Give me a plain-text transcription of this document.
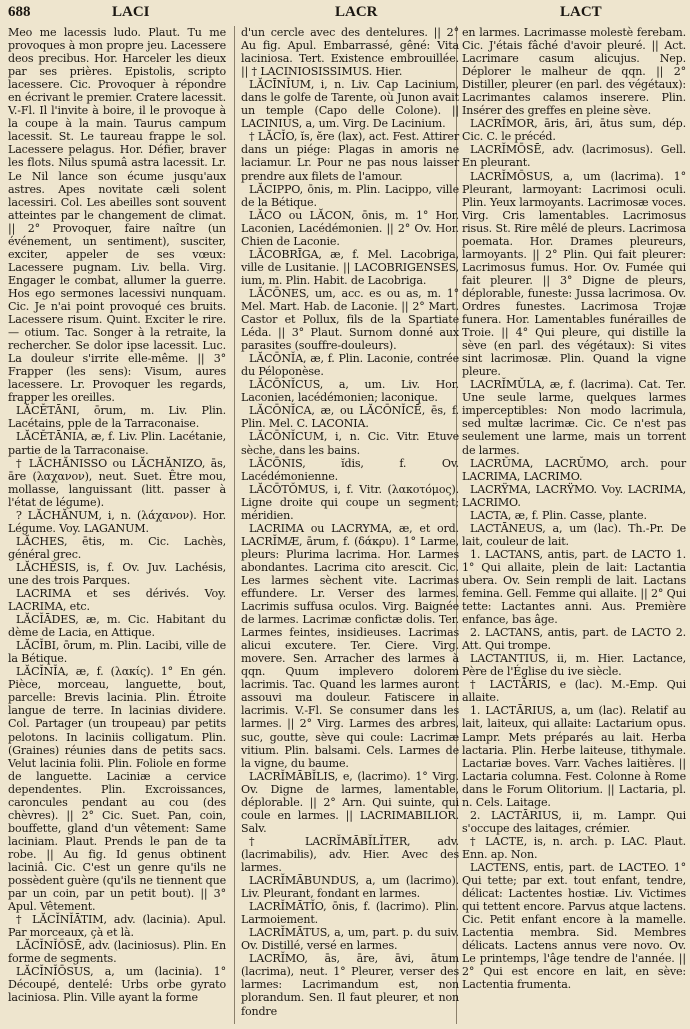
688	LACI	LACR	LACT

Meo me lacessis ludo. Plaut. Tu me provoques à mon propre jeu. Lacessere deos precibus. Hor. Harceler les dieux par ses prières. Epistolis, scripto lacessere. Cic. Provoquer à répondre en écrivant le premier. Cratere lacessit. V.-Fl. Il l'invite à boire, il le provoque à la coupe à la main. Taurus campum lacessit. St. Le taureau frappe le sol. Lacessere pelagus. Hor. Défier, braver les flots. Nilus spumâ astra lacessit. Lr. Le Nil lance son écume jusqu'aux astres. Apes novitate cæli solent lacessiri. Col. Les abeilles sont souvent atteintes par le changement de climat. || 2° Provoquer, faire naître (un événement, un sentiment), susciter, exciter, appeler de ses vœux: Lacessere pugnam. Liv. bella. Virg. Engager le combat, allumer la guerre. Hos ego sermones lacessivi nunquam. Cic. Je n'ai point provoqué ces bruits. Lacessere risum. Quint. Exciter le rire. — otium. Tac. Songer à la retraite, la rechercher. Se dolor ipse lacessit. Luc. La douleur s'irrite elle-même. || 3° Frapper (les sens): Visum, aures lacessere. Lr. Provoquer les regards, frapper les oreilles.

LĂCĔTĀNI, ōrum, m. Liv. Plin. Lacétains, pple de la Tarraconaise.

LĂCĔTĀNIA, æ, f. Liv. Plin. Lacétanie, partie de la Tarraconaise.

† LĂCHĂNISSO ou LĂCHĂNIZO, ās, āre (λαχανον), neut. Suet. Être mou, mollasse, languissant (litt. passer à l'état de légume).

? LĂCHĂNUM, i, n. (λάχανον). Hor. Légume. Voy. LAGANUM.

LĂCHES, ētis, m. Cic. Lachès, général grec.

LĂCHĔSIS, is, f. Ov. Juv. Lachésis, une des trois Parques.

LACRIMA et ses dérivés. Voy. LACRIMA, etc.

LĂCĬĀDES, æ, m. Cic. Habitant du dème de Lacia, en Attique.

LĂCĬBI, ōrum, m. Plin. Lacibi, ville de la Bétique.

LĂCĬNĬA, æ, f. (λακίς). 1° En gén. Pièce, morceau, languette, bout, parcelle: Brevis lacinia. Plin. Étroite langue de terre. In lacinias dividere. Col. Partager (un troupeau) par petits pelotons. In laciniis colligatum. Plin. (Graines) réunies dans de petits sacs. Velut lacinia folii. Plin. Foliole en forme de languette. Laciniæ a cervice dependentes. Plin. Excroissances, caroncules pendant au cou (des chèvres). || 2° Cic. Suet. Pan, coin, bouffette, gland d'un vêtement: Same laciniam. Plaut. Prends le pan de ta robe. || Au fig. Id genus obtinent laciniâ. Cic. C'est un genre qu'ils ne possèdent guère (qu'ils ne tiennent que par un coin, par un petit bout). || 3° Apul. Vêtement.

† LĂCĬNĬĀTIM, adv. (lacinia). Apul. Par morceaux, çà et là.

LĂCĬNĬŌSĒ, adv. (laciniosus). Plin. En forme de segments.

LĂCĬNĬŌSUS, a, um (lacinia). 1° Découpé, dentelé: Urbs orbe gyrato laciniosa. Plin. Ville ayant la forme

d'un cercle avec des dentelures. || 2° Au fig. Apul. Embarrassé, gêné: Vita laciniosa. Tert. Existence embrouillée. || † LACINIOSISSIMUS. Hier.

LĂCĪNĬUM, i, n. Liv. Cap Lacinium, dans le golfe de Tarente, où Junon avait un temple (Capo delle Colone). || LACINIUS, a, um. Virg. De Lacinium.

† LĂCĬO, ĭs, ĕre (lax), act. Fest. Attirer dans un piége: Plagas in amoris ne laciamur. Lr. Pour ne pas nous laisser prendre aux filets de l'amour.

LĂCIPPO, ōnis, m. Plin. Lacippo, ville de la Bétique.

LĂCO ou LĂCON, ōnis, m. 1° Hor. Laconien, Lacédémonien. || 2° Ov. Hor. Chien de Laconie.

LĂCOBRĪGA, æ, f. Mel. Lacobriga, ville de Lusitanie. || LACOBRIGENSES, ium, m. Plin. Habit. de Lacobriga.

LĂCŌNES, um, acc. es ou as, m. 1° Mel. Mart. Hab. de Laconie. || 2° Mart. Castor et Pollux, fils de la Spartiate Léda. || 3° Plaut. Surnom donné aux parasites (souffre-douleurs).

LĂCŌNĬA, æ, f. Plin. Laconie, contrée du Péloponèse.

LĂCŌNĬCUS, a, um. Liv. Hor. Laconien, lacédémonien; laconique.

LĂCŌNĬCA, æ, ou LĂCŌNĬCĒ, ēs, f. Plin. Mel. C. LACONIA.

LĂCŌNĬCUM, i, n. Cic. Vitr. Etuve sèche, dans les bains.

LĂCŌNIS, ĭdis, f. Ov. Lacédémonienne.

LĂCŌTŎMUS, i, f. Vitr. (λακοτόμος). Ligne droite qui coupe un segment; méridien.

LACRIMA ou LACRYMA, æ, et ord. LACRĬMÆ, ārum, f. (δάκρυ). 1° Larme, pleurs: Plurima lacrima. Hor. Larmes abondantes. Lacrima cito arescit. Cic. Les larmes sèchent vite. Lacrimas effundere. Lr. Verser des larmes. Lacrimis suffusa oculos. Virg. Baignée de larmes. Lacrimæ confictæ dolis. Ter. Larmes feintes, insidieuses. Lacrimas alicui excutere. Ter. Ciere. Virg. movere. Sen. Arracher des larmes à qqn. Quum implevero dolorem lacrimis. Tac. Quand les larmes auront assouvi ma douleur. Fatiscere in lacrimis. V.-Fl. Se consumer dans les larmes. || 2° Virg. Larmes des arbres, suc, goutte, sève qui coule: Lacrimæ vitium. Plin. balsami. Cels. Larmes de la vigne, du baume.

LACRĬMĀBĬLIS, e, (lacrimo). 1° Virg. Ov. Digne de larmes, lamentable, déplorable. || 2° Arn. Qui suinte, qui coule en larmes. || LACRIMABILIOR. Salv.

† LACRĬMĀBĬLĬTER, adv. (lacrimabilis), adv. Hier. Avec des larmes.

LACRĬMĀBUNDUS, a, um (lacrimo). Liv. Pleurant, fondant en larmes.

LACRĬMĀTĬO, ōnis, f. (lacrimo). Plin. Larmoiement.

LACRĬMĀTUS, a, um, part. p. du suiv. Ov. Distillé, versé en larmes.

LACRĬMO, ās, āre, āvi, ātum (lacrima), neut. 1° Pleurer, verser des larmes: Lacrimandum est, non plorandum. Sen. Il faut pleurer, et non fondre

en larmes. Lacrimasse molestè ferebam. Cic. J'étais fâché d'avoir pleuré. || Act. Lacrimare casum alicujus. Nep. Déplorer le malheur de qqn. || 2° Distiller, pleurer (en parl. des végétaux): Lacrimantes calamos inserere. Plin. Insérer des greffes en pleine sève.

LACRĬMOR, āris, āri, ātus sum, dép. Cic. C. le précéd.

LACRĬMŌSĒ, adv. (lacrimosus). Gell. En pleurant.

LACRĬMŌSUS, a, um (lacrima). 1° Pleurant, larmoyant: Lacrimosi oculi. Plin. Yeux larmoyants. Lacrimosæ voces. Virg. Cris lamentables. Lacrimosus risus. St. Rire mêlé de pleurs. Lacrimosa poemata. Hor. Drames pleureurs, larmoyants. || 2° Plin. Qui fait pleurer: Lacrimosus fumus. Hor. Ov. Fumée qui fait pleurer. || 3° Digne de pleurs, déplorable, funeste: Jussa lacrimosa. Ov. Ordres funestes. Lacrimosa Trojæ funera. Hor. Lamentables funérailles de Troie. || 4° Qui pleure, qui distille la sève (en parl. des végétaux): Si vites sint lacrimosæ. Plin. Quand la vigne pleure.

LACRĬMŬLA, æ, f. (lacrima). Cat. Ter. Une seule larme, quelques larmes imperceptibles: Non modo lacrimula, sed multæ lacrimæ. Cic. Ce n'est pas seulement une larme, mais un torrent de larmes.

LACRŬMA, LACRŬMO, arch. pour LACRIMA, LACRIMO.

LACRŸMA, LACRŸMO. Voy. LACRIMA, LACRIMO.

LACTA, æ, f. Plin. Casse, plante.

LACTĀNEUS, a, um (lac). Th.-Pr. De lait, couleur de lait.

1. LACTANS, antis, part. de LACTO 1. 1° Qui allaite, plein de lait: Lactantia ubera. Ov. Sein rempli de lait. Lactans femina. Gell. Femme qui allaite. || 2° Qui tette: Lactantes anni. Aus. Première enfance, bas âge.

2. LACTANS, antis, part. de LACTO 2. Att. Qui trompe.

LACTANTIUS, ii, m. Hier. Lactance, Père de l'Église du ive siècle.

† LACTĀRIS, e (lac). M.-Emp. Qui allaite.

1. LACTĀRIUS, a, um (lac). Relatif au lait, laiteux, qui allaite: Lactarium opus. Lampr. Mets préparés au lait. Herba lactaria. Plin. Herbe laiteuse, tithymale. Lactariæ boves. Varr. Vaches laitières. || Lactaria columna. Fest. Colonne à Rome dans le Forum Olitorium. || Lactaria, pl. n. Cels. Laitage.

2. LACTĀRIUS, ii, m. Lampr. Qui s'occupe des laitages, crémier.

† LACTE, is, n. arch. p. LAC. Plaut. Enn. ap. Non.

LACTENS, entis, part. de LACTEO. 1° Qui tette; par ext. tout enfant, tendre, délicat: Lactentes hostiæ. Liv. Victimes qui tettent encore. Parvus atque lactens. Cic. Petit enfant encore à la mamelle. Lactentia membra. Sid. Membres délicats. Lactens annus vere novo. Ov. Le printemps, l'âge tendre de l'année. || 2° Qui est encore en lait, en sève: Lactentia frumenta.
